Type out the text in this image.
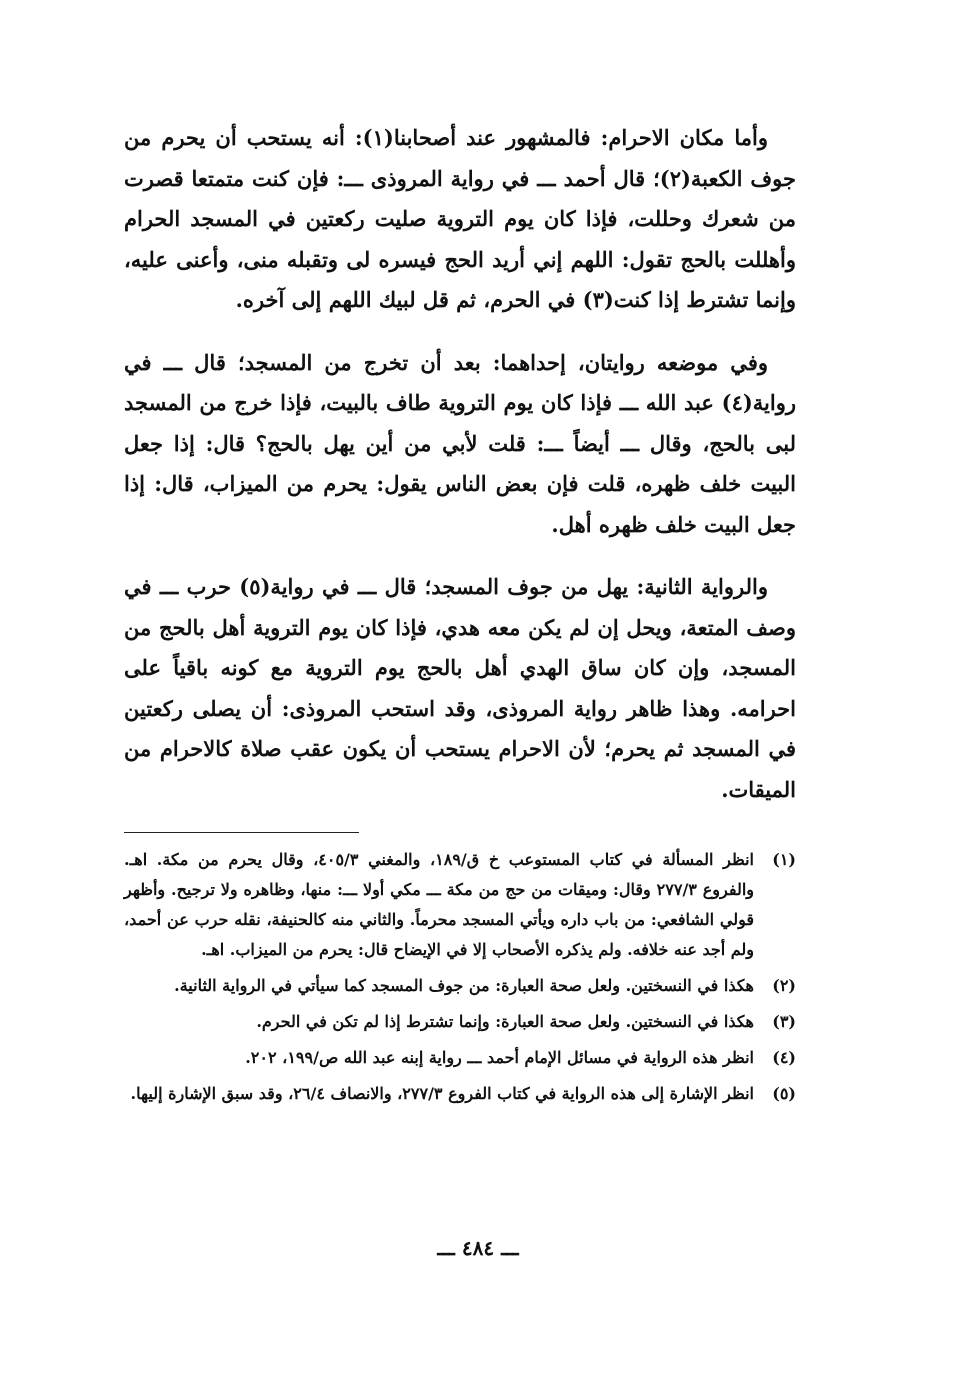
وأما مكان الاحرام: فالمشهور عند أصحابنا(١): أنه يستحب أن يحرم من جوف الكعبة(٢)؛ قال أحمد ـــ في رواية المروذى ـــ: فإن كنت متمتعا قصرت من شعرك وحللت، فإذا كان يوم التروية صليت ركعتين في المسجد الحرام وأهللت بالحج تقول: اللهم إني أريد الحج فيسره لى وتقبله منى، وأعنى عليه، وإنما تشترط إذا كنت(٣) في الحرم، ثم قل لبيك اللهم إلى آخره.

وفي موضعه روايتان، إحداهما: بعد أن تخرج من المسجد؛ قال ـــ في رواية(٤) عبد الله ـــ فإذا كان يوم التروية طاف بالبيت، فإذا خرج من المسجد لبى بالحج، وقال ـــ أيضاً ـــ: قلت لأبي من أين يهل بالحج؟ قال: إذا جعل البيت خلف ظهره، قلت فإن بعض الناس يقول: يحرم من الميزاب، قال: إذا جعل البيت خلف ظهره أهل.

والرواية الثانية: يهل من جوف المسجد؛ قال ـــ في رواية(٥) حرب ـــ في وصف المتعة، ويحل إن لم يكن معه هدي، فإذا كان يوم التروية أهل بالحج من المسجد، وإن كان ساق الهدي أهل بالحج يوم التروية مع كونه باقياً على احرامه. وهذا ظاهر رواية المروذى، وقد استحب المروذى: أن يصلى ركعتين في المسجد ثم يحرم؛ لأن الاحرام يستحب أن يكون عقب صلاة كالاحرام من الميقات.

(١)
انظر المسألة في كتاب المستوعب خ ق/١٨٩، والمغني ٤٠٥/٣، وقال يحرم من مكة. اهـ. والفروع ٢٧٧/٣ وقال: وميقات من حج من مكة ـــ مكي أولا ـــ: منها، وظاهره ولا ترجيح. وأظهر قولي الشافعي: من باب داره ويأتي المسجد محرماً. والثاني منه كالحنيفة، نقله حرب عن أحمد، ولم أجد عنه خلافه. ولم يذكره الأصحاب إلا في الإيضاح قال: يحرم من الميزاب. اهـ.
(٢)
هكذا في النسختين. ولعل صحة العبارة: من جوف المسجد كما سيأتي في الرواية الثانية.
(٣)
هكذا في النسختين. ولعل صحة العبارة: وإنما تشترط إذا لم تكن في الحرم.
(٤)
انظر هذه الرواية في مسائل الإمام أحمد ـــ رواية إبنه عبد الله ص/١٩٩، ٢٠٢.
(٥)
انظر الإشارة إلى هذه الرواية في كتاب الفروع ٢٧٧/٣، والانصاف ٢٦/٤، وقد سبق الإشارة إليها.
ـــ ٤٨٤ ـــ
